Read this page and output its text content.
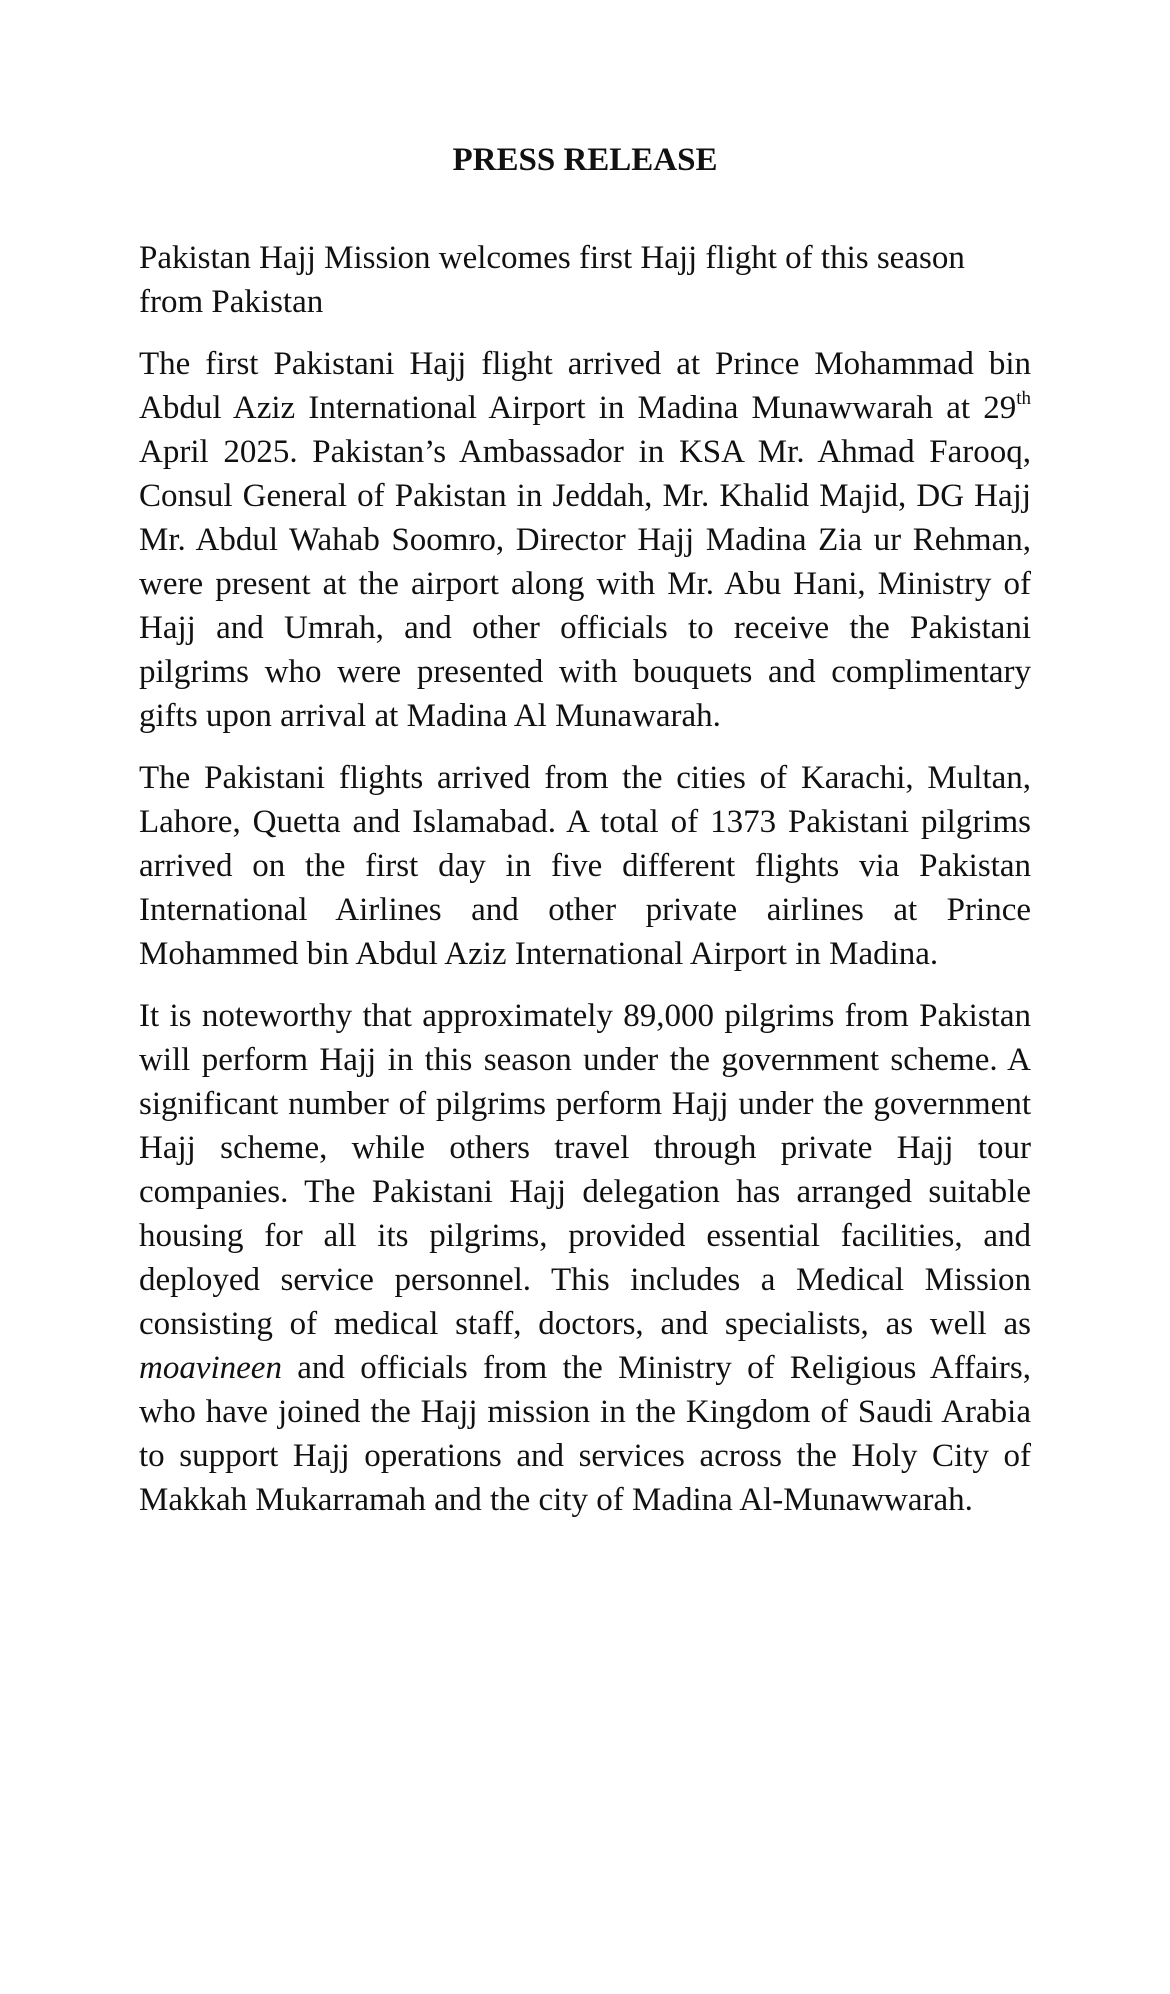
PRESS RELEASE
Pakistan Hajj Mission welcomes first Hajj flight of this season from Pakistan

The first Pakistani Hajj flight arrived at Prince Mohammad bin Abdul Aziz International Airport in Madina Munawwarah at 29th April 2025. Pakistan’s Ambassador in KSA Mr. Ahmad Farooq, Consul General of Pakistan in Jeddah, Mr. Khalid Majid, DG Hajj Mr. Abdul Wahab Soomro, Director Hajj Madina Zia ur Rehman, were present at the airport along with Mr. Abu Hani, Ministry of Hajj and Umrah, and other officials to receive the Pakistani pilgrims who were presented with bouquets and complimentary gifts upon arrival at Madina Al Munawarah.

The Pakistani flights arrived from the cities of Karachi, Multan, Lahore, Quetta and Islamabad. A total of 1373 Pakistani pilgrims arrived on the first day in five different flights via Pakistan International Airlines and other private airlines at Prince Mohammed bin Abdul Aziz International Airport in Madina.

It is noteworthy that approximately 89,000 pilgrims from Pakistan will perform Hajj in this season under the government scheme. A significant number of pilgrims perform Hajj under the government Hajj scheme, while others travel through private Hajj tour companies. The Pakistani Hajj delegation has arranged suitable housing for all its pilgrims, provided essential facilities, and deployed service personnel. This includes a Medical Mission consisting of medical staff, doctors, and specialists, as well as moavineen and officials from the Ministry of Religious Affairs, who have joined the Hajj mission in the Kingdom of Saudi Arabia to support Hajj operations and services across the Holy City of Makkah Mukarramah and the city of Madina Al-Munawwarah.
